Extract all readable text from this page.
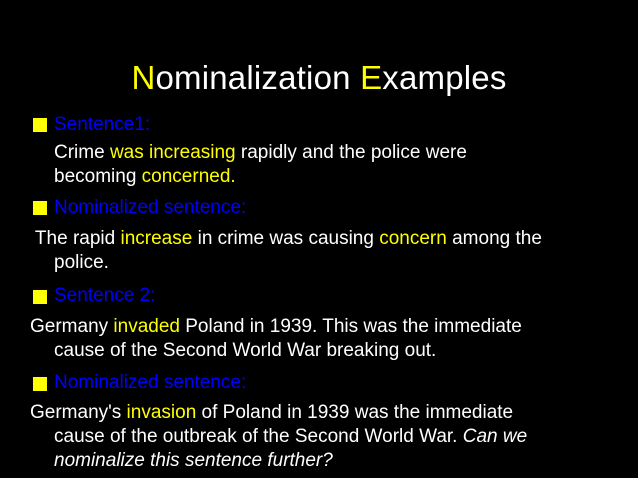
Nominalization Examples
Sentence1:
Crime was increasing rapidly and the police were
becoming concerned.
Nominalized sentence:
The rapid increase in crime was causing concern among the
police.
Sentence 2:
Germany invaded Poland in 1939. This was the immediate
cause of the Second World War breaking out.
Nominalized sentence:
Germany's invasion of Poland in 1939 was the immediate
cause of the outbreak of the Second World War. Can we
nominalize this sentence further?
